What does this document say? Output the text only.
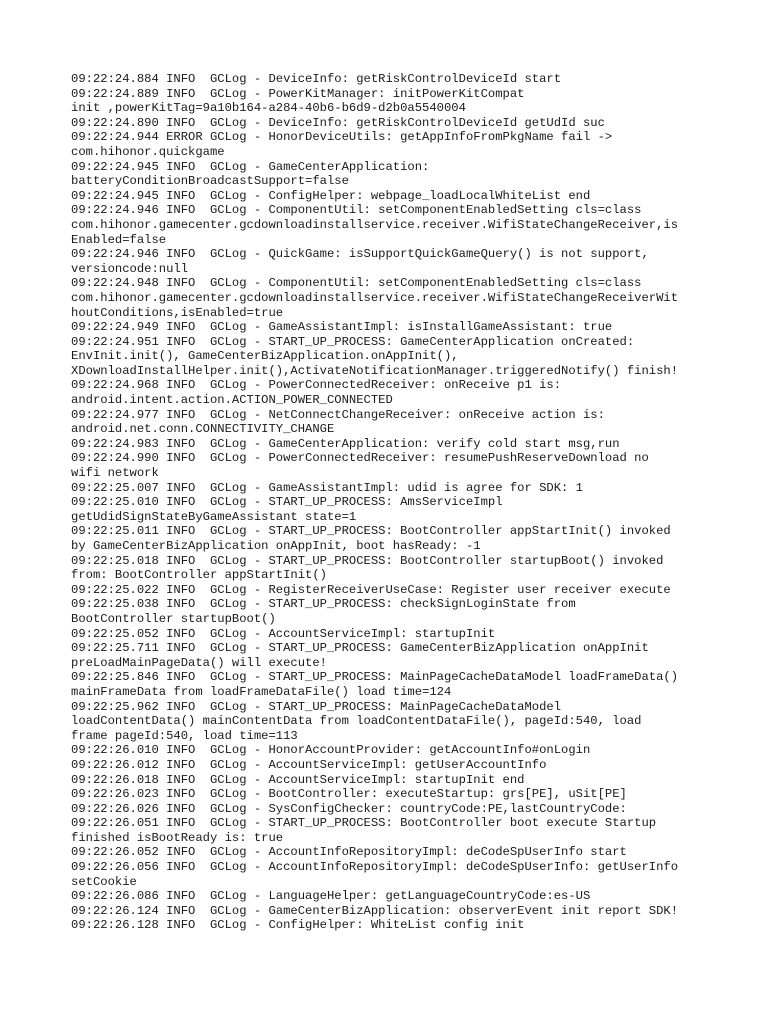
09:22:24.884 INFO  GCLog - DeviceInfo: getRiskControlDeviceId start
09:22:24.889 INFO  GCLog - PowerKitManager: initPowerKitCompat
init ,powerKitTag=9a10b164-a284-40b6-b6d9-d2b0a5540004
09:22:24.890 INFO  GCLog - DeviceInfo: getRiskControlDeviceId getUdId suc
09:22:24.944 ERROR GCLog - HonorDeviceUtils: getAppInfoFromPkgName fail ->
com.hihonor.quickgame
09:22:24.945 INFO  GCLog - GameCenterApplication:
batteryConditionBroadcastSupport=false
09:22:24.945 INFO  GCLog - ConfigHelper: webpage_loadLocalWhiteList end
09:22:24.946 INFO  GCLog - ComponentUtil: setComponentEnabledSetting cls=class
com.hihonor.gamecenter.gcdownloadinstallservice.receiver.WifiStateChangeReceiver,is
Enabled=false
09:22:24.946 INFO  GCLog - QuickGame: isSupportQuickGameQuery() is not support,
versioncode:null
09:22:24.948 INFO  GCLog - ComponentUtil: setComponentEnabledSetting cls=class
com.hihonor.gamecenter.gcdownloadinstallservice.receiver.WifiStateChangeReceiverWit
houtConditions,isEnabled=true
09:22:24.949 INFO  GCLog - GameAssistantImpl: isInstallGameAssistant: true
09:22:24.951 INFO  GCLog - START_UP_PROCESS: GameCenterApplication onCreated:
EnvInit.init(), GameCenterBizApplication.onAppInit(),
XDownloadInstallHelper.init(),ActivateNotificationManager.triggeredNotify() finish!
09:22:24.968 INFO  GCLog - PowerConnectedReceiver: onReceive p1 is:
android.intent.action.ACTION_POWER_CONNECTED
09:22:24.977 INFO  GCLog - NetConnectChangeReceiver: onReceive action is:
android.net.conn.CONNECTIVITY_CHANGE
09:22:24.983 INFO  GCLog - GameCenterApplication: verify cold start msg,run
09:22:24.990 INFO  GCLog - PowerConnectedReceiver: resumePushReserveDownload no
wifi network
09:22:25.007 INFO  GCLog - GameAssistantImpl: udid is agree for SDK: 1
09:22:25.010 INFO  GCLog - START_UP_PROCESS: AmsServiceImpl
getUdidSignStateByGameAssistant state=1
09:22:25.011 INFO  GCLog - START_UP_PROCESS: BootController appStartInit() invoked
by GameCenterBizApplication onAppInit, boot hasReady: -1
09:22:25.018 INFO  GCLog - START_UP_PROCESS: BootController startupBoot() invoked
from: BootController appStartInit()
09:22:25.022 INFO  GCLog - RegisterReceiverUseCase: Register user receiver execute
09:22:25.038 INFO  GCLog - START_UP_PROCESS: checkSignLoginState from
BootController startupBoot()
09:22:25.052 INFO  GCLog - AccountServiceImpl: startupInit
09:22:25.711 INFO  GCLog - START_UP_PROCESS: GameCenterBizApplication onAppInit
preLoadMainPageData() will execute!
09:22:25.846 INFO  GCLog - START_UP_PROCESS: MainPageCacheDataModel loadFrameData()
mainFrameData from loadFrameDataFile() load time=124
09:22:25.962 INFO  GCLog - START_UP_PROCESS: MainPageCacheDataModel
loadContentData() mainContentData from loadContentDataFile(), pageId:540, load
frame pageId:540, load time=113
09:22:26.010 INFO  GCLog - HonorAccountProvider: getAccountInfo#onLogin
09:22:26.012 INFO  GCLog - AccountServiceImpl: getUserAccountInfo
09:22:26.018 INFO  GCLog - AccountServiceImpl: startupInit end
09:22:26.023 INFO  GCLog - BootController: executeStartup: grs[PE], uSit[PE]
09:22:26.026 INFO  GCLog - SysConfigChecker: countryCode:PE,lastCountryCode:
09:22:26.051 INFO  GCLog - START_UP_PROCESS: BootController boot execute Startup
finished isBootReady is: true
09:22:26.052 INFO  GCLog - AccountInfoRepositoryImpl: deCodeSpUserInfo start
09:22:26.056 INFO  GCLog - AccountInfoRepositoryImpl: deCodeSpUserInfo: getUserInfo
setCookie
09:22:26.086 INFO  GCLog - LanguageHelper: getLanguageCountryCode:es-US
09:22:26.124 INFO  GCLog - GameCenterBizApplication: observerEvent init report SDK!
09:22:26.128 INFO  GCLog - ConfigHelper: WhiteList config init
